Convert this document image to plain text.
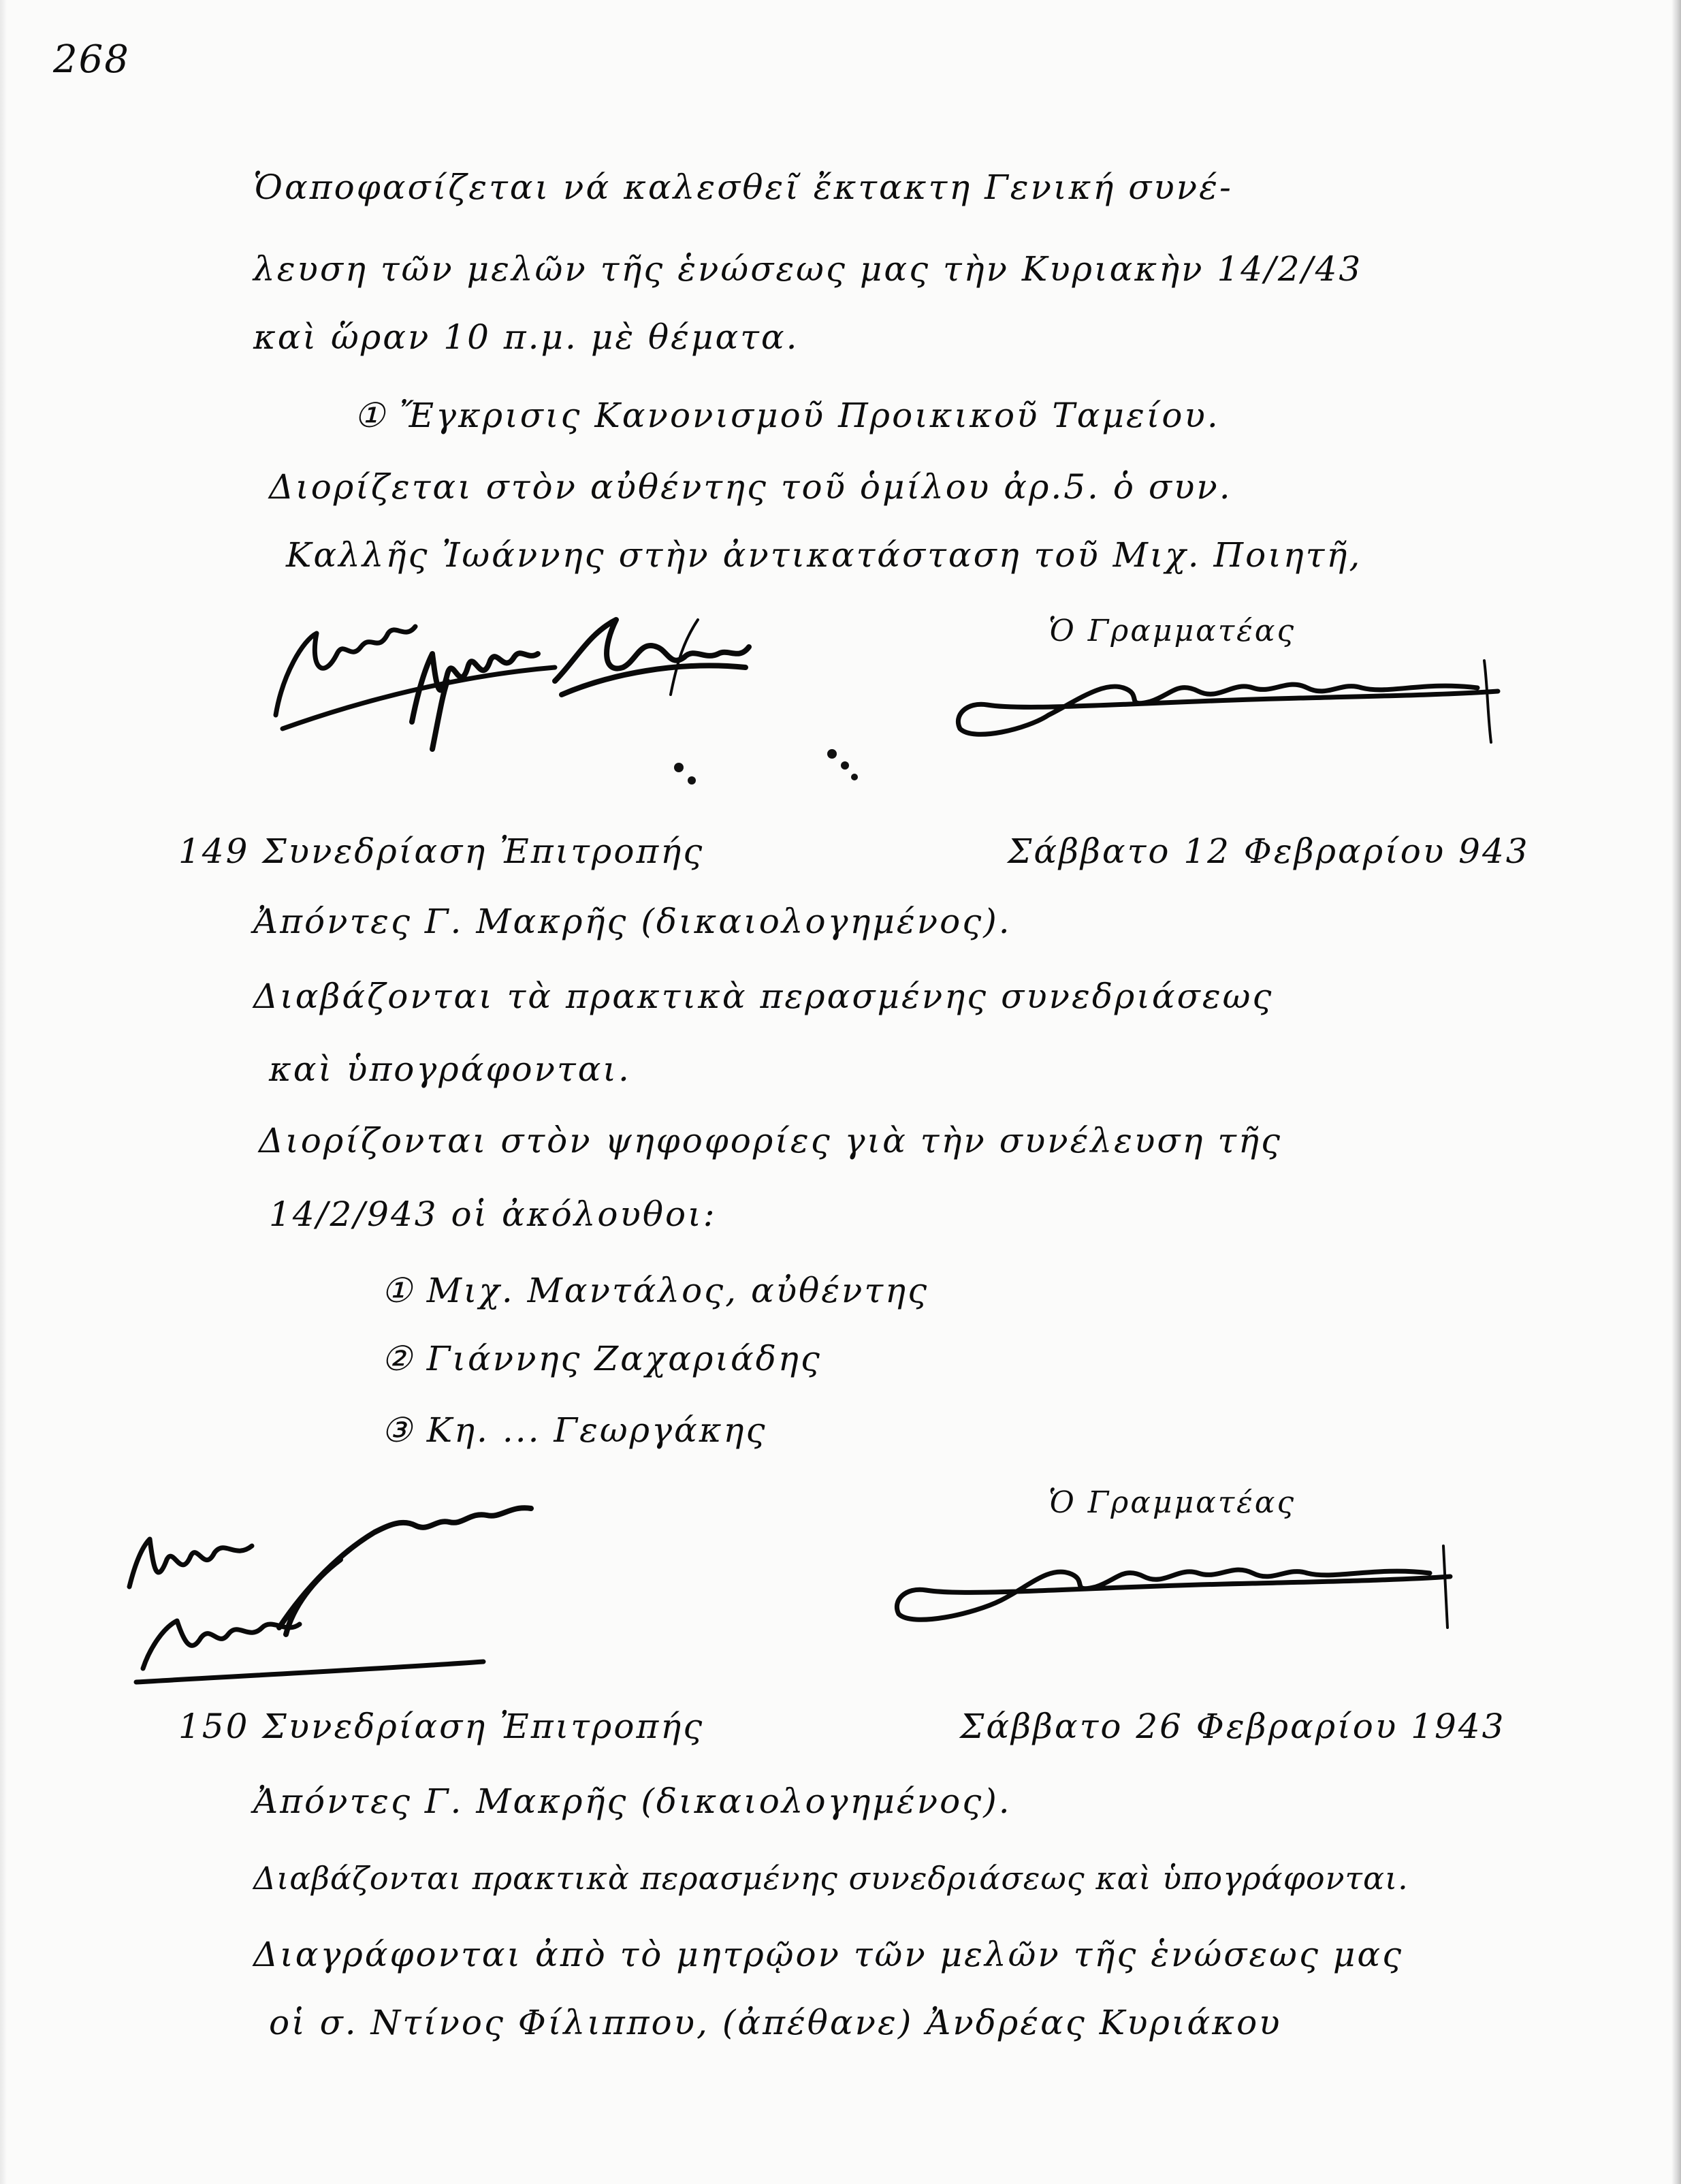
268
Ὁαποφασίζεται νά καλεσθεῖ ἔκτακτη Γενική συνέ-
λευση τῶν μελῶν τῆς ἑνώσεως μας τὴν Κυριακὴν 14/2/43
καὶ ὥραν 10 π.μ. μὲ θέματα.
① Ἔγκρισις Κανονισμοῦ Προικικοῦ Ταμείου.
Διορίζεται στὸν αὐθέντης τοῦ ὁμίλου ἀρ.5. ὁ συν.
Καλλῆς Ἰωάννης στὴν ἀντικατάσταση τοῦ Μιχ. Ποιητῆ,
Ὁ Γραμματέας
149 Συνεδρίαση Ἐπιτροπής	Σάββατο 12 Φεβραρίου 943
Ἀπόντες Γ. Μακρῆς (δικαιολογημένος).
Διαβάζονται τὰ πρακτικὰ περασμένης συνεδριάσεως
καὶ ὑπογράφονται.
Διορίζονται στὸν ψηφοφορίες γιὰ τὴν συνέλευση τῆς
14/2/943 οἱ ἀκόλουθοι:
① Μιχ. Μαντάλος, αὐθέντης
② Γιάννης Ζαχαριάδης
③ Κη. ... Γεωργάκης
Ὁ Γραμματέας
150 Συνεδρίαση Ἐπιτροπής	Σάββατο 26 Φεβραρίου 1943
Ἀπόντες Γ. Μακρῆς (δικαιολογημένος).
Διαβάζονται πρακτικὰ περασμένης συνεδριάσεως καὶ ὑπογράφονται.
Διαγράφονται ἀπὸ τὸ μητρῷον τῶν μελῶν τῆς ἑνώσεως μας
οἱ σ. Ντίνος Φίλιππου, (ἀπέθανε) Ἀνδρέας Κυριάκου
